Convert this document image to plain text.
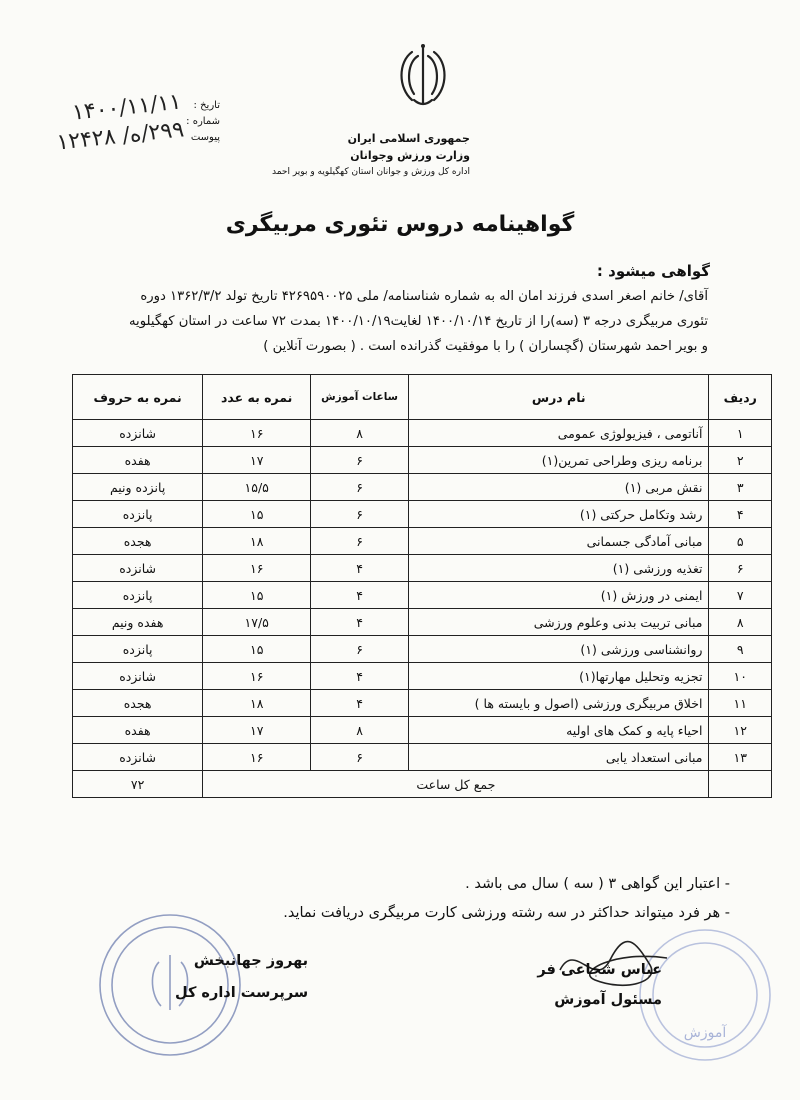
جمهوری اسلامی ایران
وزارت ورزش وجوانان
اداره کل ورزش و جوانان استان کهگیلویه و بویر احمد
تاریخ :
شماره :
پیوست
۱۴۰۰/۱۱/۱۱
۲۹۹/ه/ ۱۲۴۲۸
گواهینامه دروس تئوری مربیگری
گواهی میشود :

آقای/ خانم اصغر اسدی فرزند امان اله به شماره شناسنامه/ ملی ۴۲۶۹۵۹۰۰۲۵ تاریخ تولد ۱۳۶۲/۳/۲ دوره

تئوری مربیگری درجه ۳ (سه)را از تاریخ ۱۴۰۰/۱۰/۱۴ لغایت۱۴۰۰/۱۰/۱۹ بمدت ۷۲ ساعت در استان کهگیلویه

و بویر احمد شهرستان (گچساران ) را با موفقیت گذرانده است . ( بصورت آنلاین )

ردیف	نام درس	ساعات آموزش	نمره به عدد	نمره به حروف
۱	آناتومی ، فیزیولوژی عمومی	۸	۱۶	شانزده
۲	برنامه ریزی وطراحی تمرین(۱)	۶	۱۷	هفده
۳	نقش مربی (۱)	۶	۱۵/۵	پانزده ونیم
۴	رشد وتکامل حرکتی (۱)	۶	۱۵	پانزده
۵	مبانی آمادگی جسمانی	۶	۱۸	هجده
۶	تغذیه ورزشی (۱)	۴	۱۶	شانزده
۷	ایمنی در ورزش (۱)	۴	۱۵	پانزده
۸	مبانی تربیت بدنی وعلوم ورزشی	۴	۱۷/۵	هفده ونیم
۹	روانشناسی ورزشی (۱)	۶	۱۵	پانزده
۱۰	تجزیه وتحلیل مهارتها(۱)	۴	۱۶	شانزده
۱۱	اخلاق مربیگری ورزشی (اصول و بایسته ها )	۴	۱۸	هجده
۱۲	احیاء پایه و کمک های اولیه	۸	۱۷	هفده
۱۳	مبانی استعداد یابی	۶	۱۶	شانزده
	جمع کل ساعت			۷۲
- اعتبار این گواهی ۳ ( سه ) سال می باشد .
- هر فرد میتواند حداکثر در سه رشته ورزشی کارت مربیگری دریافت نماید.
آموزش
بهروز جهانبخش
سرپرست اداره کل
عباس شجاعی فر
مسئول آموزش
